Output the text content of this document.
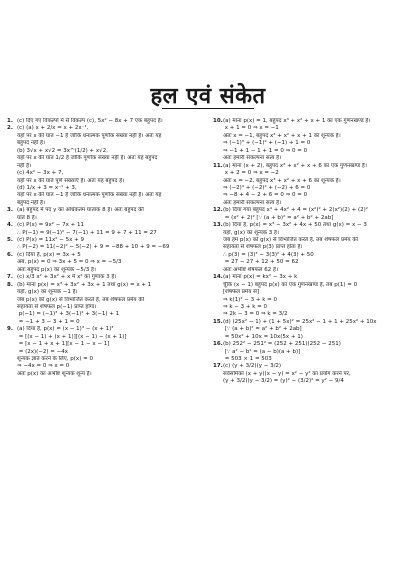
हल एवं संकेत
1. (c) दिए गए विकल्पों में से विकल्प (c), 5x² − 8x + 7 एक बहुपद है।
2. (c) (a) x + 2/x = x + 2x⁻¹,
यहाँ पर x की घात −1 है जोकि धनात्मक पूर्णांक संख्या नहीं है। अतः यह
बहुपद नहीं है।
(b) 3√x + x√2 = 3x^(1/2) + x√2,
यहाँ पर x की घात 1/2 है जोकि पूर्णांक संख्या नहीं है। अतः यह बहुपद
नहीं है।
(c) 4x² − 3x + 7,
यहाँ पर x की घातें पूर्ण संख्याएँ हैं। अतः यह बहुपद है।
(d) 1/x + 3 = x⁻¹ + 3,
यहाँ पर x की घात −1 है जोकि धनात्मक पूर्णांक संख्या नहीं है। अतः यह
बहुपद नहीं है।
3. (a) बहुपद में पद y का अधिकतम घातांक 8 है। अतः बहुपद की
घात 8 है।
4. (c) P(x) = 9x² − 7x + 11
∴ P(−1) = 9(−1)² − 7(−1) + 11 = 9 + 7 + 11 = 27
5. (c) P(x) = 11x² − 5x + 9
∴ P(−2) = 11(−2)² − 5(−2) + 9 = −88 + 10 + 9 = −69
6. (c) दिया है, p(x) = 3x + 5
अब, p(x) = 0 ⇒ 3x + 5 = 0 ⇒ x = −5/3
अतः बहुपद p(x) का शून्यक −5/3 है।
7. (c) x/3 x² + 3x² + x में x² का गुणांक 3 है।
8. (b) माना p(x) = x³ + 3x² + 3x + 1 तथा g(x) = x + 1
यहाँ, g(x) का शून्यक −1 है।
जब p(x) को g(x) से विभाजित करते हैं, तब शेषफल प्रमेय की
सहायता से शेषफल p(−1) प्राप्त होगा।
p(−1) = (−1)³ + 3(−1)² + 3(−1) + 1
= −1 + 3 − 3 + 1 = 0
9. (a) दिया है, p(x) = (x − 1)³ − (x + 1)³
= [(x − 1) + (x + 1)][(x − 1) − (x + 1)]
= [x − 1 + x + 1][x − 1 − x − 1]
= (2x)(−2) = −4x
शून्यक ज्ञात करने के लिए, p(x) = 0
⇒ −4x = 0 ⇒ x = 0
अतः p(x) का अभीष्ट शून्यक शून्य है।
10.(a) माना p(x) = 1, बहुपद x³ + x² + x + 1 का एक गुणनखण्ड है।
x + 1 = 0 ⇒ x = −1
अतः x = −1, बहुपद x³ + x² + x + 1 का शून्यक है।
⇒ (−1)³ + (−1)² + (−1) + 1 = 0
⇒ −1 + 1 − 1 + 1 = 0 ⇒ 0 = 0
अतः हमारी संकल्पना सत्य है।
11.(a) माना (x + 2), बहुपद x³ + x² + x + 6 का एक गुणनखण्ड है।
x + 2 = 0 ⇒ x = −2
अतः x = −2, बहुपद x³ + x² + x + 6 का शून्यक है।
⇒ (−2)³ + (−2)² + (−2) + 6 = 0
⇒ −8 + 4 − 2 + 6 = 0 ⇒ 0 = 0
अतः हमारी संकल्पना सत्य है।
12.(b) दिया गया बहुपद x⁴ + 4x² + 4 = (x²)² + 2(x²)(2) + (2)²
= (x² + 2)² [∵ (a + b)² = a² + b² + 2ab]
13.(b) दिया है, p(x) = x³ − 3x² + 4x + 50 तथा g(x) = x − 3
यहाँ, g(x) का शून्यक 3 है।
जब हम p(x) को g(x) से विभाजित करते हैं, तब शेषफल प्रमेय की
सहायता से शेषफल p(3) प्राप्त होता है।
∴ p(3) = (3)³ − 3(3)² + 4(3) + 50
= 27 − 27 + 12 + 50 = 62
अतः अभीष्ट शेषफल 62 है।
14.(a) माना p(x) = kx² − 3x + k
चूँकि (x − 1) बहुपद p(x) का एक गुणनखण्ड है, तब p(1) = 0
[शेषफल प्रमेय से]
⇒ k(1)² − 3 + k = 0
⇒ k − 3 + k = 0
⇒ 2k − 3 = 0 ⇒ k = 3/2
15.(d) (25x² − 1) + (1 + 5x)² = 25x² − 1 + 1 + 25x² + 10x
[∵ (a + b)² = a² + b² + 2ab]
= 50x² + 10x = 10x(5x + 1)
16.(b) 252² − 251² = (252 + 251)(252 − 251)
[∵ a² − b² = (a − b)(a + b)]
= 503 × 1 = 503
17.(c) (y + 3/2)(y − 3/2)
सर्वसमिका (x + y)(x − y) = x² − y² का प्रयोग करने पर,
(y + 3/2)(y − 3/2) = (y)² − (3/2)² = y² − 9/4
